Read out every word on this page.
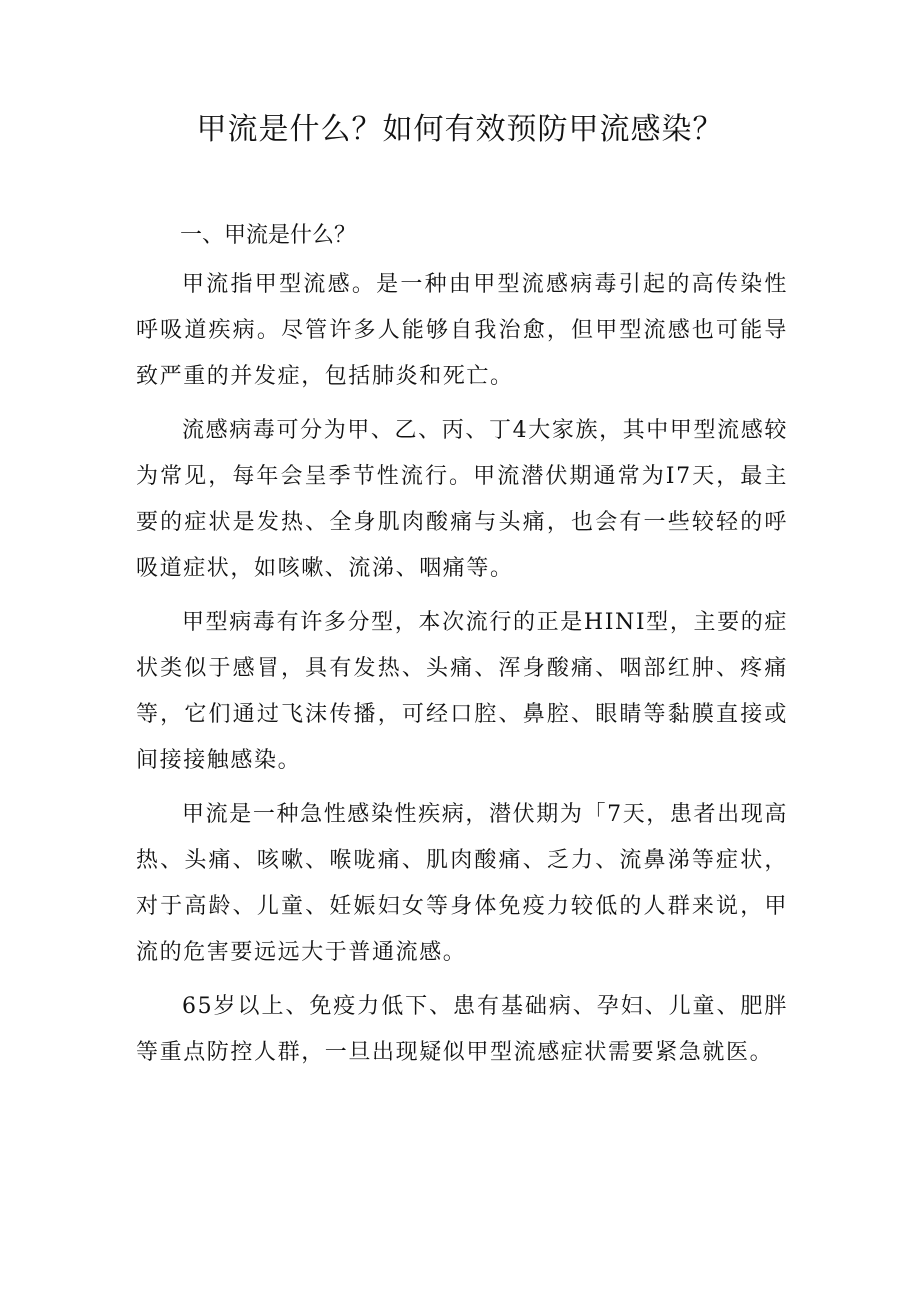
甲流是什么？如何有效预防甲流感染？
一、甲流是什么？

甲流指甲型流感。是一种由甲型流感病毒引起的高传染性呼吸道疾病。尽管许多人能够自我治愈，但甲型流感也可能导致严重的并发症，包括肺炎和死亡。

流感病毒可分为甲、乙、丙、丁4大家族，其中甲型流感较为常见，每年会呈季节性流行。甲流潜伏期通常为I7天，最主要的症状是发热、全身肌肉酸痛与头痛，也会有一些较轻的呼吸道症状，如咳嗽、流涕、咽痛等。

甲型病毒有许多分型，本次流行的正是HINI型，主要的症状类似于感冒，具有发热、头痛、浑身酸痛、咽部红肿、疼痛等，它们通过飞沫传播，可经口腔、鼻腔、眼睛等黏膜直接或间接接触感染。

甲流是一种急性感染性疾病，潜伏期为「7天，患者出现高热、头痛、咳嗽、喉咙痛、肌肉酸痛、乏力、流鼻涕等症状，对于高龄、儿童、妊娠妇女等身体免疫力较低的人群来说，甲流的危害要远远大于普通流感。

65岁以上、免疫力低下、患有基础病、孕妇、儿童、肥胖等重点防控人群，一旦出现疑似甲型流感症状需要紧急就医。
